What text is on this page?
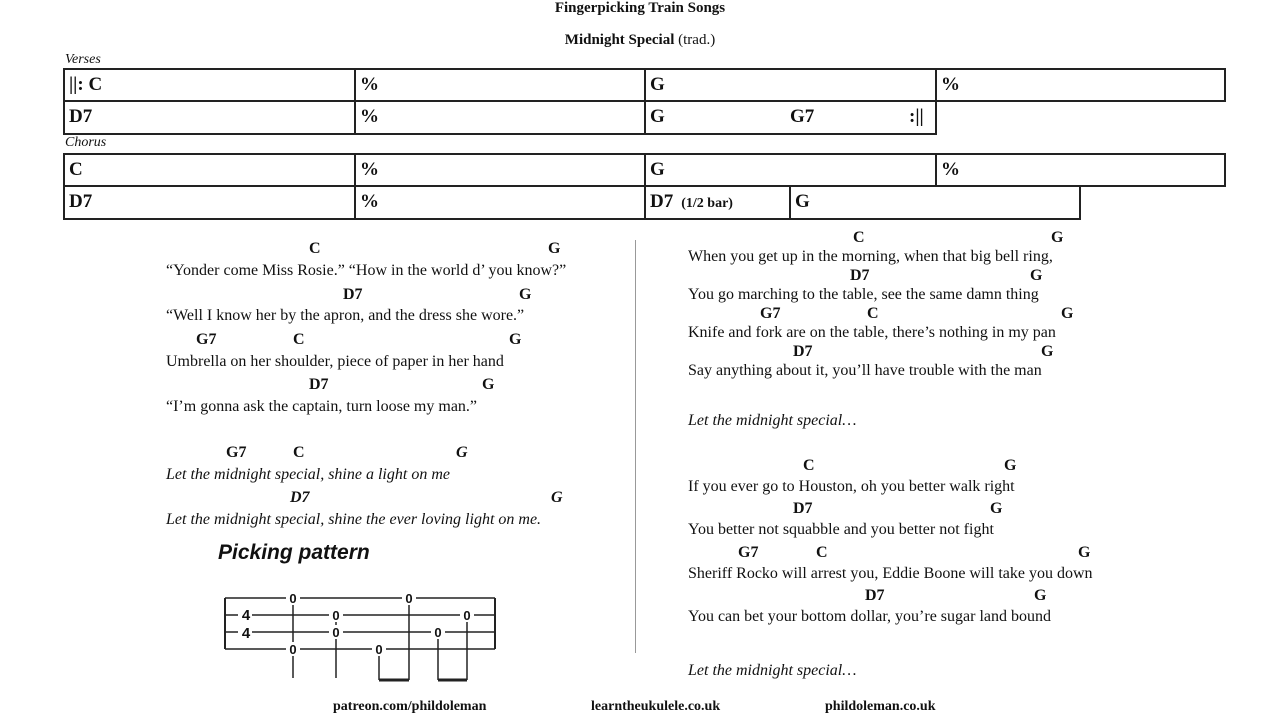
Fingerpicking Train Songs
Midnight Special (trad.)
Verses
||: C	%	G	%
D7	%	G	G7	:||
Chorus
C	%	G	%
D7	%	D7 (1/2 bar)	G
C	G
“Yonder come Miss Rosie.” “How in the world d’ you know?”
D7	G
“Well I know her by the apron, and the dress she wore.”
G7	C	G
Umbrella on her shoulder, piece of paper in her hand
D7	G
“I’m gonna ask the captain, turn loose my man.”
G7	C	G
Let the midnight special, shine a light on me
D7	G
Let the midnight special, shine the ever loving light on me.
Picking pattern
4
4
0
0
0
0	0
0
0
0
C	G
When you get up in the morning, when that big bell ring,
D7	G
You go marching to the table, see the same damn thing
G7	C	G
Knife and fork are on the table, there’s nothing in my pan
D7	G
Say anything about it, you’ll have trouble with the man
Let the midnight special…
C	G
If you ever go to Houston, oh you better walk right
D7	G
You better not squabble and you better not fight
G7	C	G
Sheriff Rocko will arrest you, Eddie Boone will take you down
D7	G
You can bet your bottom dollar, you’re sugar land bound
Let the midnight special…
patreon.com/phildoleman	learntheukulele.co.uk	phildoleman.co.uk
